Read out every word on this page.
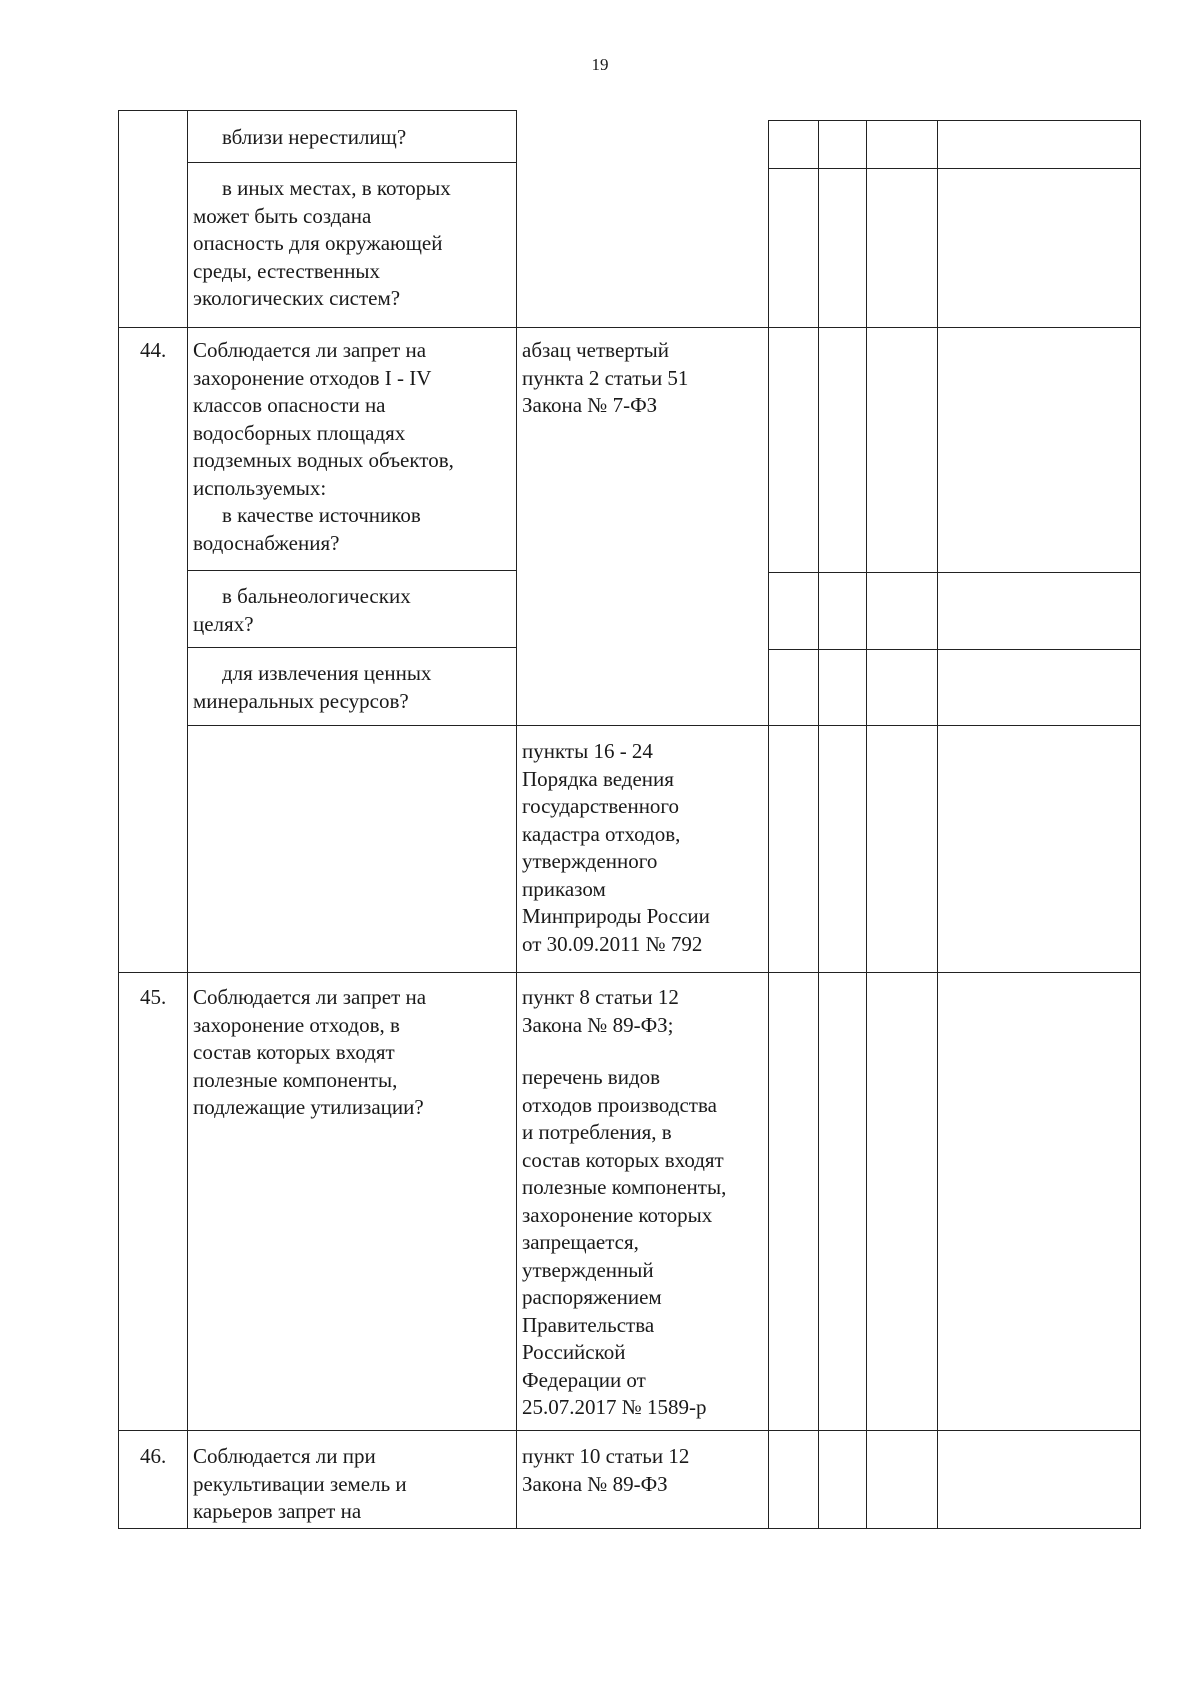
19
вблизи нерестилищ?
в иных местах, в которых
может быть создана
опасность для окружающей
среды, естественных
экологических систем?
44. Соблюдается ли запрет на
захоронение отходов I - IV
классов опасности на
водосборных площадях
подземных водных объектов,
используемых:
в качестве источников
водоснабжения?
абзац четвертый
пункта 2 статьи 51
Закона № 7-ФЗ
в бальнеологических
целях?
для извлечения ценных
минеральных ресурсов?
пункты 16 - 24
Порядка ведения
государственного
кадастра отходов,
утвержденного
приказом
Минприроды России
от 30.09.2011 № 792
45. Соблюдается ли запрет на
захоронение отходов, в
состав которых входят
полезные компоненты,
подлежащие утилизации?
пункт 8 статьи 12
Закона № 89-ФЗ;
перечень видов
отходов производства
и потребления, в
состав которых входят
полезные компоненты,
захоронение которых
запрещается,
утвержденный
распоряжением
Правительства
Российской
Федерации от
25.07.2017 № 1589-р
46. Соблюдается ли при
рекультивации земель и
карьеров запрет на
пункт 10 статьи 12
Закона № 89-ФЗ
